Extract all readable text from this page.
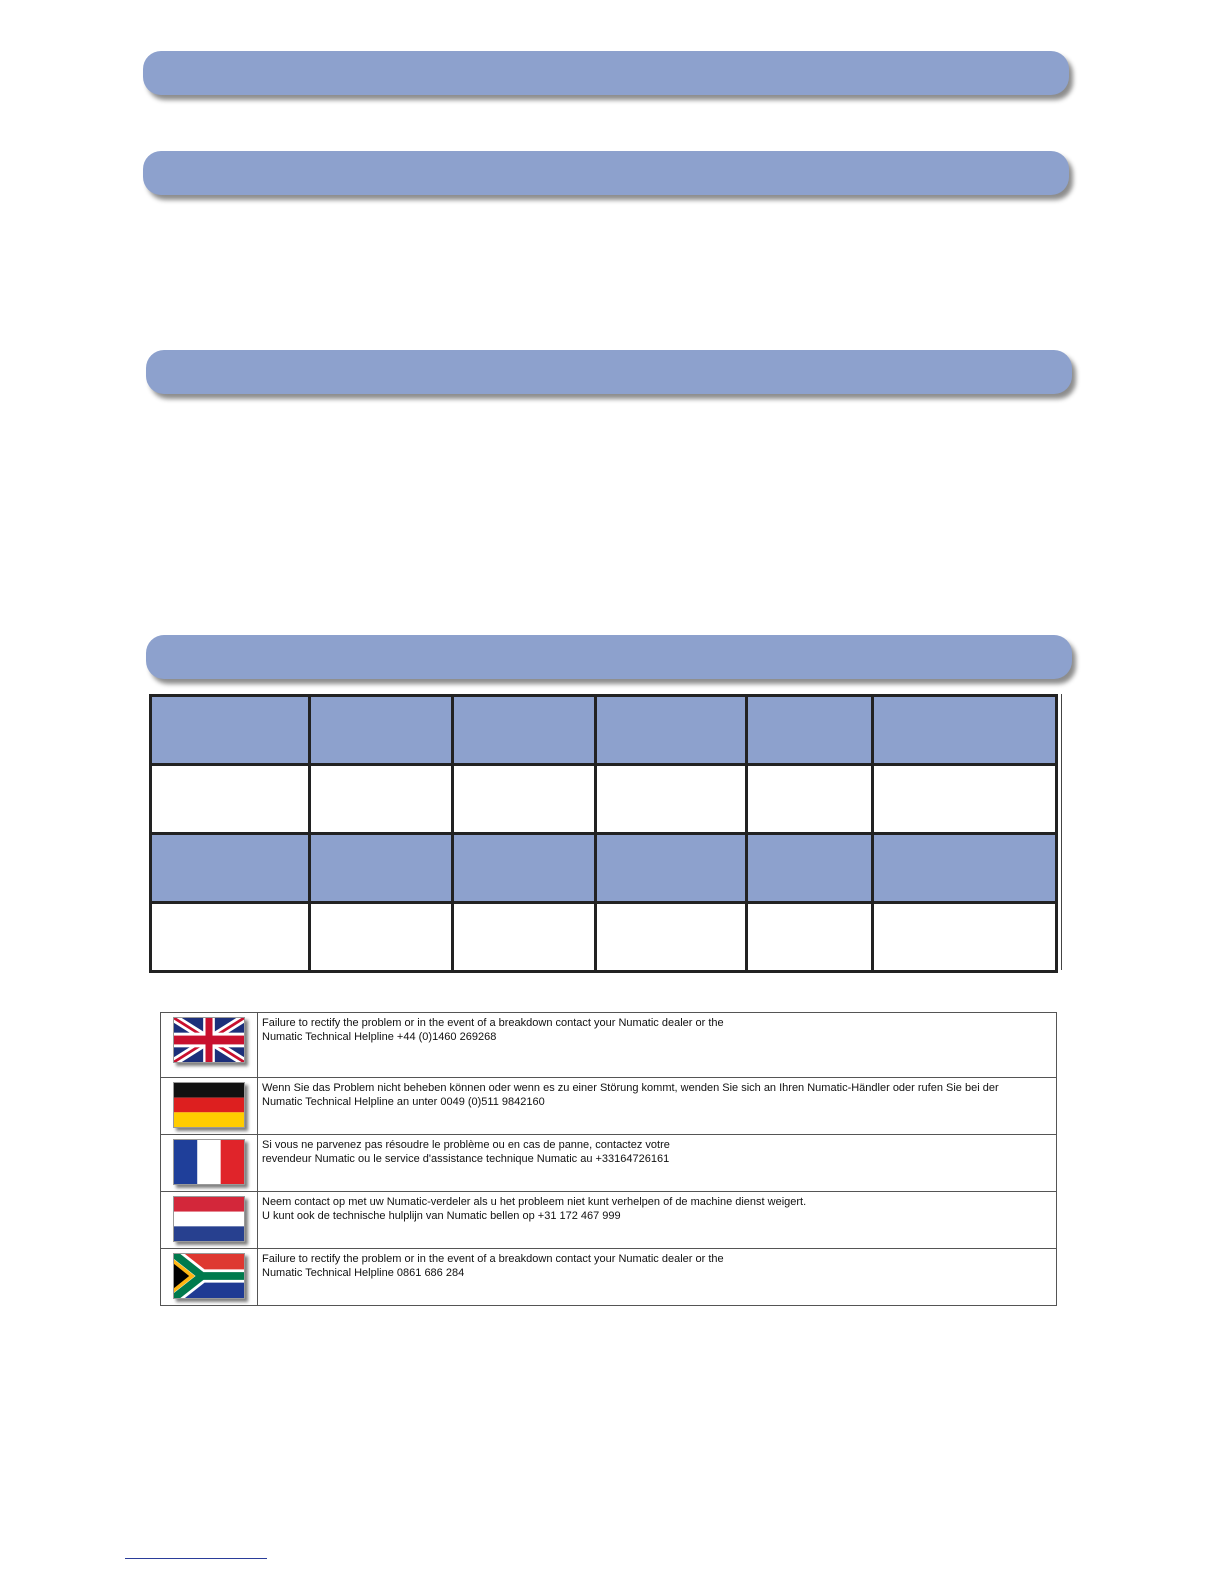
Failure to rectify the problem or in the event of a breakdown contact your Numatic dealer or the
Numatic Technical Helpline +44 (0)1460 269268

Wenn Sie das Problem nicht beheben können oder wenn es zu einer Störung kommt, wenden Sie sich an Ihren Numatic-Händler oder rufen Sie bei der
Numatic Technical Helpline an unter 0049 (0)511 9842160

Si vous ne parvenez pas résoudre le problème ou en cas de panne, contactez votre
revendeur Numatic ou le service d'assistance technique Numatic au +33164726161

Neem contact op met uw Numatic-verdeler als u het probleem niet kunt verhelpen of de machine dienst weigert.
U kunt ook de technische hulplijn van Numatic bellen op +31 172 467 999

Failure to rectify the problem or in the event of a breakdown contact your Numatic dealer or the
Numatic Technical Helpline 0861 686 284
